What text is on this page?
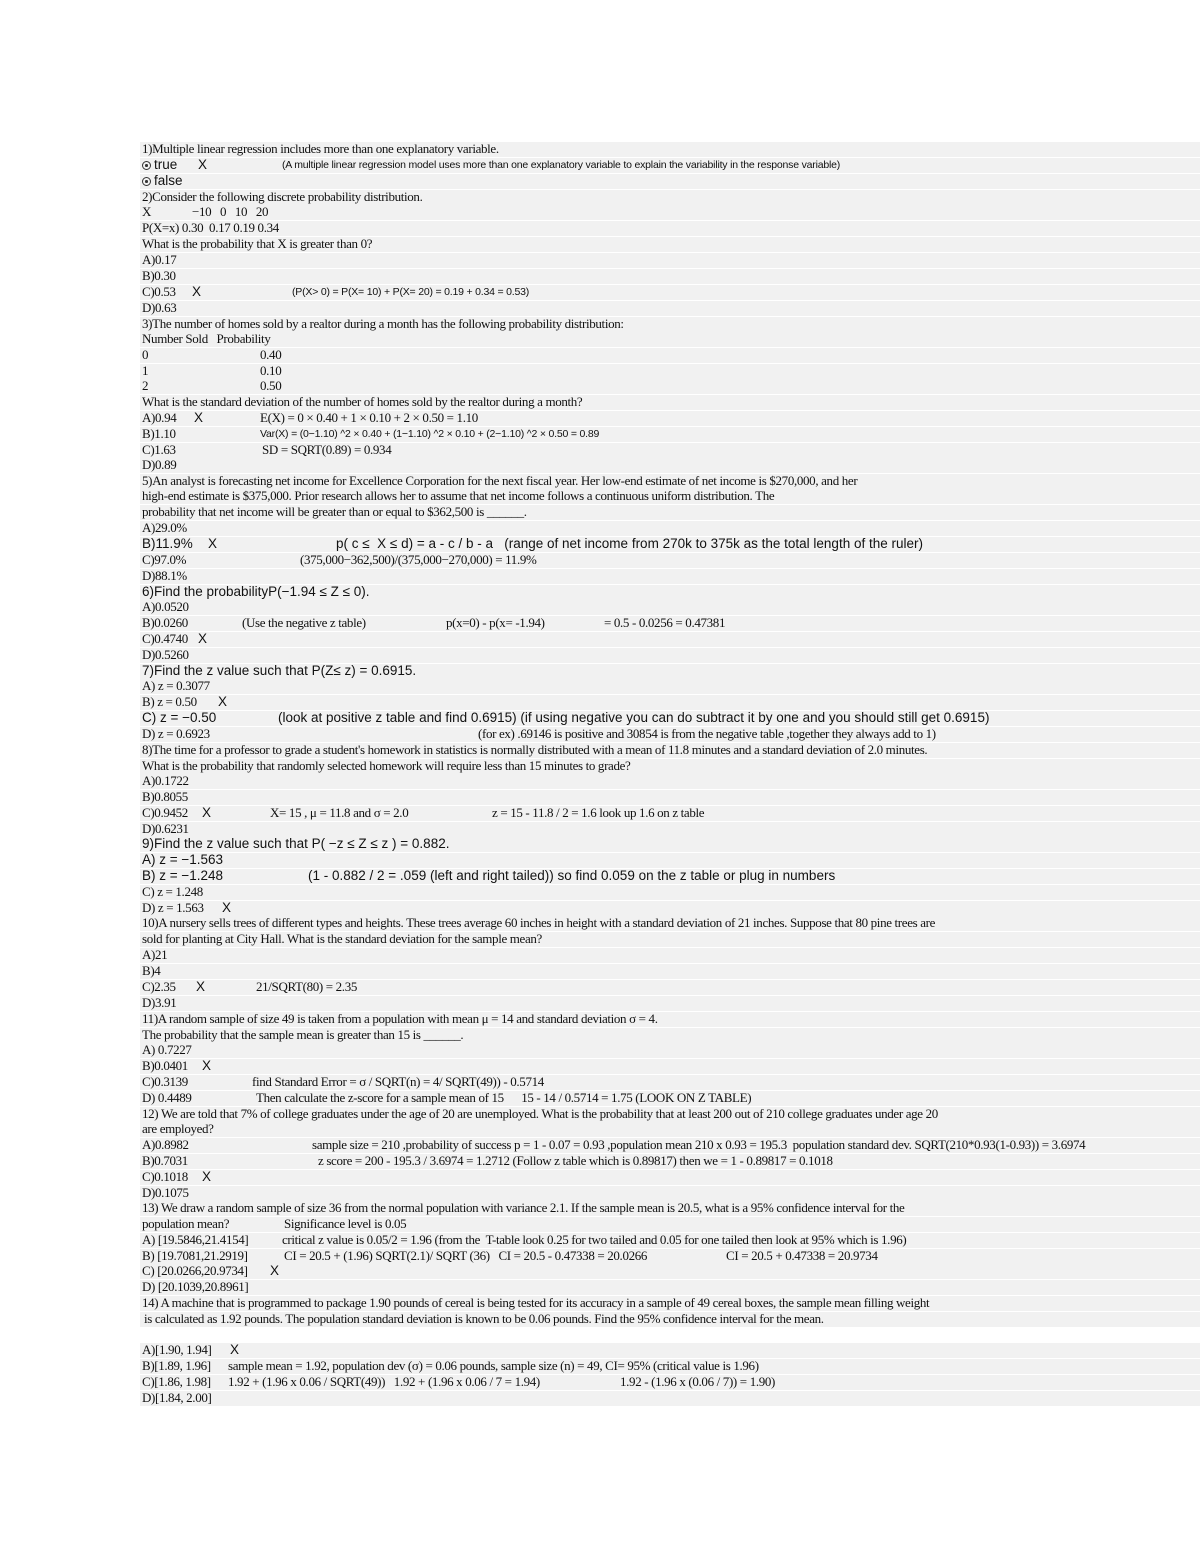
1)Multiple linear regression includes more than one explanatory variable.
true X	(A multiple linear regression model uses more than one explanatory variable to explain the variability in the response variable)
false
2)Consider the following discrete probability distribution.
X	−10   0   10   20
P(X=x) 0.30  0.17 0.19 0.34
What is the probability that X is greater than 0?
A)0.17
B)0.30
C)0.53 X	(P(X> 0) = P(X= 10) + P(X= 20) = 0.19 + 0.34 = 0.53)
D)0.63
3)The number of homes sold by a realtor during a month has the following probability distribution:
Number Sold   Probability
0	0.40
1	0.10
2	0.50
What is the standard deviation of the number of homes sold by the realtor during a month?
A)0.94 X	E(X) = 0 × 0.40 + 1 × 0.10 + 2 × 0.50 = 1.10
B)1.10	Var(X) = (0−1.10) ^2 × 0.40 + (1−1.10) ^2 × 0.10 + (2−1.10) ^2 × 0.50 = 0.89
C)1.63	SD = SQRT(0.89) = 0.934
D)0.89
5)An analyst is forecasting net income for Excellence Corporation for the next fiscal year. Her low-end estimate of net income is $270,000, and her
high-end estimate is $375,000. Prior research allows her to assume that net income follows a continuous uniform distribution. The
probability that net income will be greater than or equal to $362,500 is ______.
A)29.0%
B)11.9% X	p( c ≤  X ≤ d) = a - c / b - a   (range of net income from 270k to 375k as the total length of the ruler)
C)97.0%	(375,000−362,500)/(375,000−270,000) = 11.9%
D)88.1%
6)Find the probabilityP(−1.94 ≤ Z ≤ 0).
A)0.0520
B)0.0260	(Use the negative z table)	p(x=0) - p(x= -1.94)	= 0.5 - 0.0256 = 0.47381
C)0.4740 X
D)0.5260
7)Find the z value such that P(Z≤ z) = 0.6915.
A) z = 0.3077
B) z = 0.50 X
C) z = −0.50	(look at positive z table and find 0.6915) (if using negative you can do subtract it by one and you should still get 0.6915)
D) z = 0.6923	(for ex) .69146 is positive and 30854 is from the negative table ,together they always add to 1)
8)The time for a professor to grade a student's homework in statistics is normally distributed with a mean of 11.8 minutes and a standard deviation of 2.0 minutes.
What is the probability that randomly selected homework will require less than 15 minutes to grade?
A)0.1722
B)0.8055
C)0.9452 X	X= 15 , μ = 11.8 and σ = 2.0	z = 15 - 11.8 / 2 = 1.6 look up 1.6 on z table
D)0.6231
9)Find the z value such that P( −z ≤ Z ≤ z ) = 0.882.
A) z = −1.563
B) z = −1.248	(1 - 0.882 / 2 = .059 (left and right tailed)) so find 0.059 on the z table or plug in numbers
C) z = 1.248
D) z = 1.563 X
10)A nursery sells trees of different types and heights. These trees average 60 inches in height with a standard deviation of 21 inches. Suppose that 80 pine trees are
sold for planting at City Hall. What is the standard deviation for the sample mean?
A)21
B)4
C)2.35 X	21/SQRT(80) = 2.35
D)3.91
11)A random sample of size 49 is taken from a population with mean μ = 14 and standard deviation σ = 4.
The probability that the sample mean is greater than 15 is ______.
A) 0.7227
B)0.0401 X
C)0.3139	find Standard Error = σ / SQRT(n) = 4/ SQRT(49)) - 0.5714
D) 0.4489	Then calculate the z-score for a sample mean of 15      15 - 14 / 0.5714 = 1.75 (LOOK ON Z TABLE)
12) We are told that 7% of college graduates under the age of 20 are unemployed. What is the probability that at least 200 out of 210 college graduates under age 20
are employed?
A)0.8982	sample size = 210 ,probability of success p = 1 - 0.07 = 0.93 ,population mean 210 x 0.93 = 195.3  population standard dev. SQRT(210*0.93(1-0.93)) = 3.6974
B)0.7031	z score = 200 - 195.3 / 3.6974 = 1.2712 (Follow z table which is 0.89817) then we = 1 - 0.89817 = 0.1018
C)0.1018 X
D)0.1075
13) We draw a random sample of size 36 from the normal population with variance 2.1. If the sample mean is 20.5, what is a 95% confidence interval for the
population mean?	Significance level is 0.05
A) [19.5846,21.4154]	critical z value is 0.05/2 = 1.96 (from the  T-table look 0.25 for two tailed and 0.05 for one tailed then look at 95% which is 1.96)
B) [19.7081,21.2919]	CI = 20.5 + (1.96) SQRT(2.1)/ SQRT (36)   CI = 20.5 - 0.47338 = 20.0266	CI = 20.5 + 0.47338 = 20.9734
C) [20.0266,20.9734] X
D) [20.1039,20.8961]
14) A machine that is programmed to package 1.90 pounds of cereal is being tested for its accuracy in a sample of 49 cereal boxes, the sample mean filling weight
is calculated as 1.92 pounds. The population standard deviation is known to be 0.06 pounds. Find the 95% confidence interval for the mean.
A)[1.90, 1.94] X
B)[1.89, 1.96] sample mean = 1.92, population dev (σ) = 0.06 pounds, sample size (n) = 49, CI= 95% (critical value is 1.96)
C)[1.86, 1.98] 1.92 + (1.96 x 0.06 / SQRT(49))   1.92 + (1.96 x 0.06 / 7 = 1.94)	1.92 - (1.96 x (0.06 / 7)) = 1.90)
D)[1.84, 2.00]
